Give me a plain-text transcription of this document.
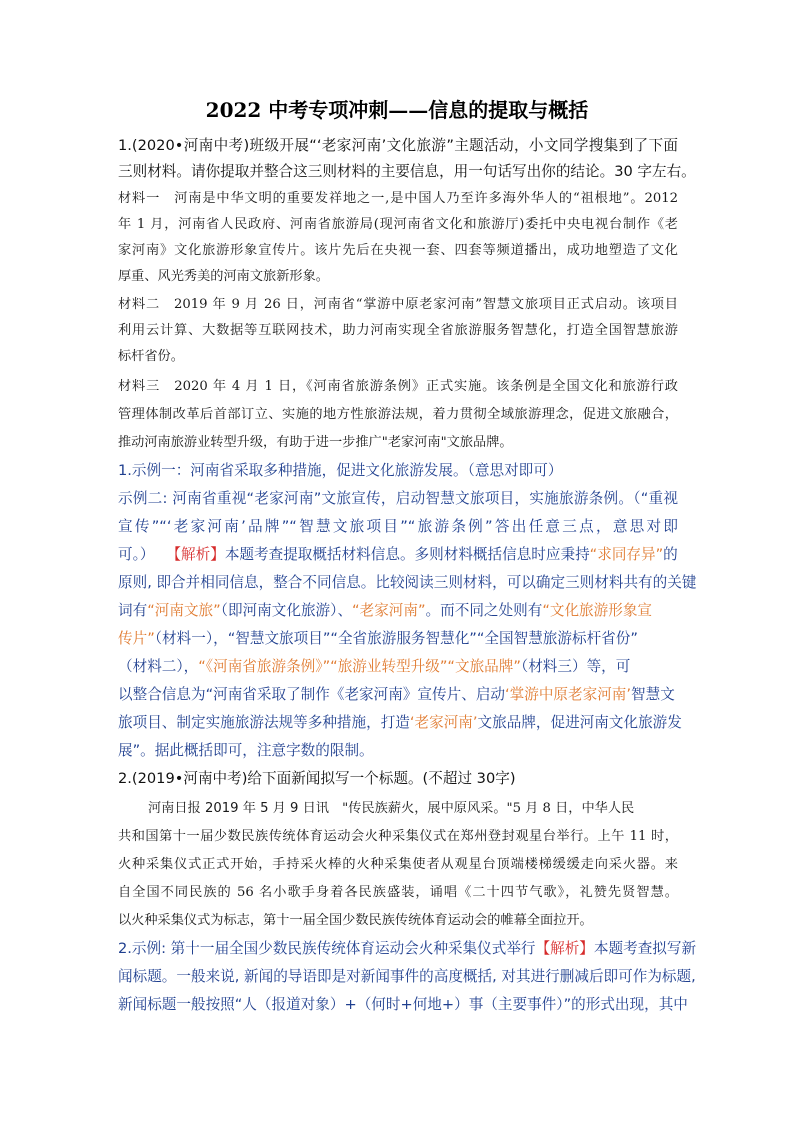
2022 中考专项冲刺——信息的提取与概括
1.(2020•河南中考)班级开展“‘老家河南’文化旅游”主题活动，小文同学搜集到了下面
三则材料。请你提取并整合这三则材料的主要信息，用一句话写出你的结论。30 字左右。
材料一　河南是中华文明的重要发祥地之一,是中国人乃至许多海外华人的“祖根地”。2012
年 1 月，河南省人民政府、河南省旅游局(现河南省文化和旅游厅)委托中央电视台制作《老
家河南》文化旅游形象宣传片。该片先后在央视一套、四套等频道播出，成功地塑造了文化
厚重、风光秀美的河南文旅新形象。
材料二　2019 年 9 月 26 日，河南省“掌游中原老家河南”智慧文旅项目正式启动。该项目
利用云计算、大数据等互联网技术，助力河南实现全省旅游服务智慧化，打造全国智慧旅游
标杆省份。
材料三　2020 年 4 月 1 日，《河南省旅游条例》正式实施。该条例是全国文化和旅游行政
管理体制改革后首部订立、实施的地方性旅游法规，着力贯彻全域旅游理念，促进文旅融合，
推动河南旅游业转型升级，有助于进一步推广"老家河南"文旅品牌。
1.示例一：河南省采取多种措施，促进文化旅游发展。（意思对即可）
示例二: 河南省重视“老家河南”文旅宣传，启动智慧文旅项目，实施旅游条例。（“重视
宣传”“‘老家河南’品牌”“智慧文旅项目”“旅游条例”答出任意三点，意思对即
可。）　 【解析】本题考查提取概括材料信息。多则材料概括信息时应秉持“求同存异”的
原则, 即合并相同信息，整合不同信息。比较阅读三则材料，可以确定三则材料共有的关键
词有“河南文旅”（即河南文化旅游）、“老家河南”。而不同之处则有“文化旅游形象宣
传片”（材料一），“智慧文旅项目”“全省旅游服务智慧化”“全国智慧旅游标杆省份”
（材料二），“《河南省旅游条例》”“旅游业转型升级”“文旅品牌”（材料三）等，可
以整合信息为“河南省采取了制作《老家河南》宣传片、启动‘掌游中原老家河南’智慧文
旅项目、制定实施旅游法规等多种措施，打造‘老家河南’文旅品牌，促进河南文化旅游发
展”。据此概括即可，注意字数的限制。
2.(2019•河南中考)给下面新闻拟写一个标题。(不超过 30字)
河南日报 2019 年 5 月 9 日讯　"传民族薪火，展中原风采。"5 月 8 日，中华人民
共和国第十一届少数民族传统体育运动会火种采集仪式在郑州登封观星台举行。上午 11 时，
火种采集仪式正式开始，手持采火棒的火种采集使者从观星台顶端楼梯缓缓走向采火器。来
自全国不同民族的 56 名小歌手身着各民族盛装，诵唱《二十四节气歌》，礼赞先贤智慧。
以火种采集仪式为标志，第十一届全国少数民族传统体育运动会的帷幕全面拉开。
2.示例: 第十一届全国少数民族传统体育运动会火种采集仪式举行【解析】本题考查拟写新
闻标题。一般来说, 新闻的导语即是对新闻事件的高度概括, 对其进行删减后即可作为标题,
新闻标题一般按照“人（报道对象）+（何时+何地+）事（主要事件）”的形式出现，其中
